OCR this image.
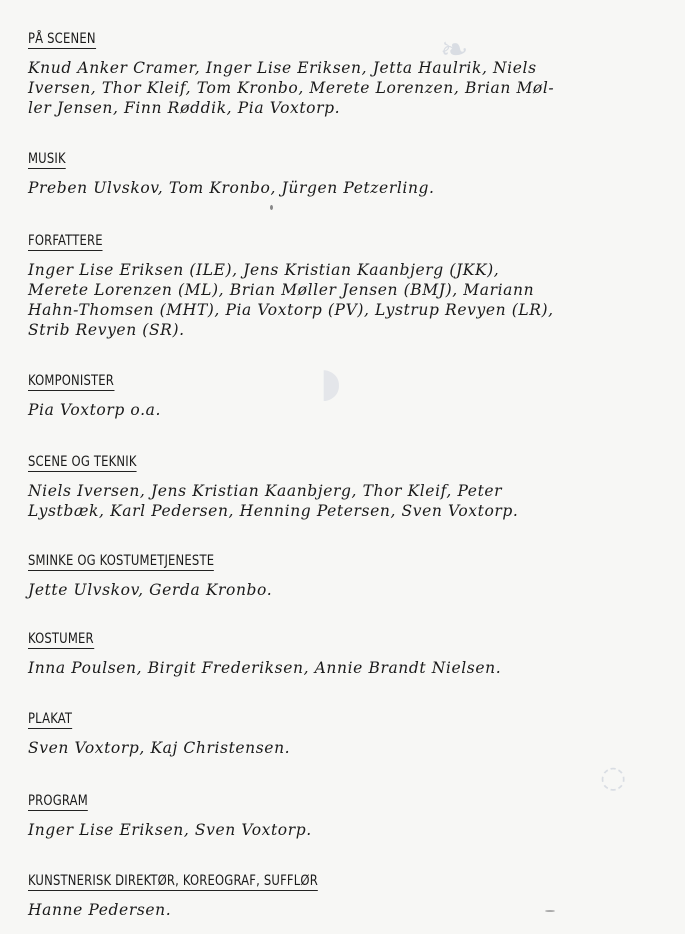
❧
◌
◗
PÅ SCENEN
Knud Anker Cramer, Inger Lise Eriksen, Jetta Haulrik, Niels
Iversen, Thor Kleif, Tom Kronbo, Merete Lorenzen, Brian Møl-
ler Jensen, Finn Røddik, Pia Voxtorp.
MUSIK
Preben Ulvskov, Tom Kronbo, Jürgen Petzerling.
FORFATTERE
Inger Lise Eriksen (ILE), Jens Kristian Kaanbjerg (JKK),
Merete Lorenzen (ML), Brian Møller Jensen (BMJ), Mariann
Hahn-Thomsen (MHT), Pia Voxtorp (PV), Lystrup Revyen (LR),
Strib Revyen (SR).
KOMPONISTER
Pia Voxtorp o.a.
SCENE OG TEKNIK
Niels Iversen, Jens Kristian Kaanbjerg, Thor Kleif, Peter
Lystbæk, Karl Pedersen, Henning Petersen, Sven Voxtorp.
SMINKE OG KOSTUMETJENESTE
Jette Ulvskov, Gerda Kronbo.
KOSTUMER
Inna Poulsen, Birgit Frederiksen, Annie Brandt Nielsen.
PLAKAT
Sven Voxtorp, Kaj Christensen.
PROGRAM
Inger Lise Eriksen, Sven Voxtorp.
KUNSTNERISK DIREKTØR, KOREOGRAF, SUFFLØR
Hanne Pedersen.
